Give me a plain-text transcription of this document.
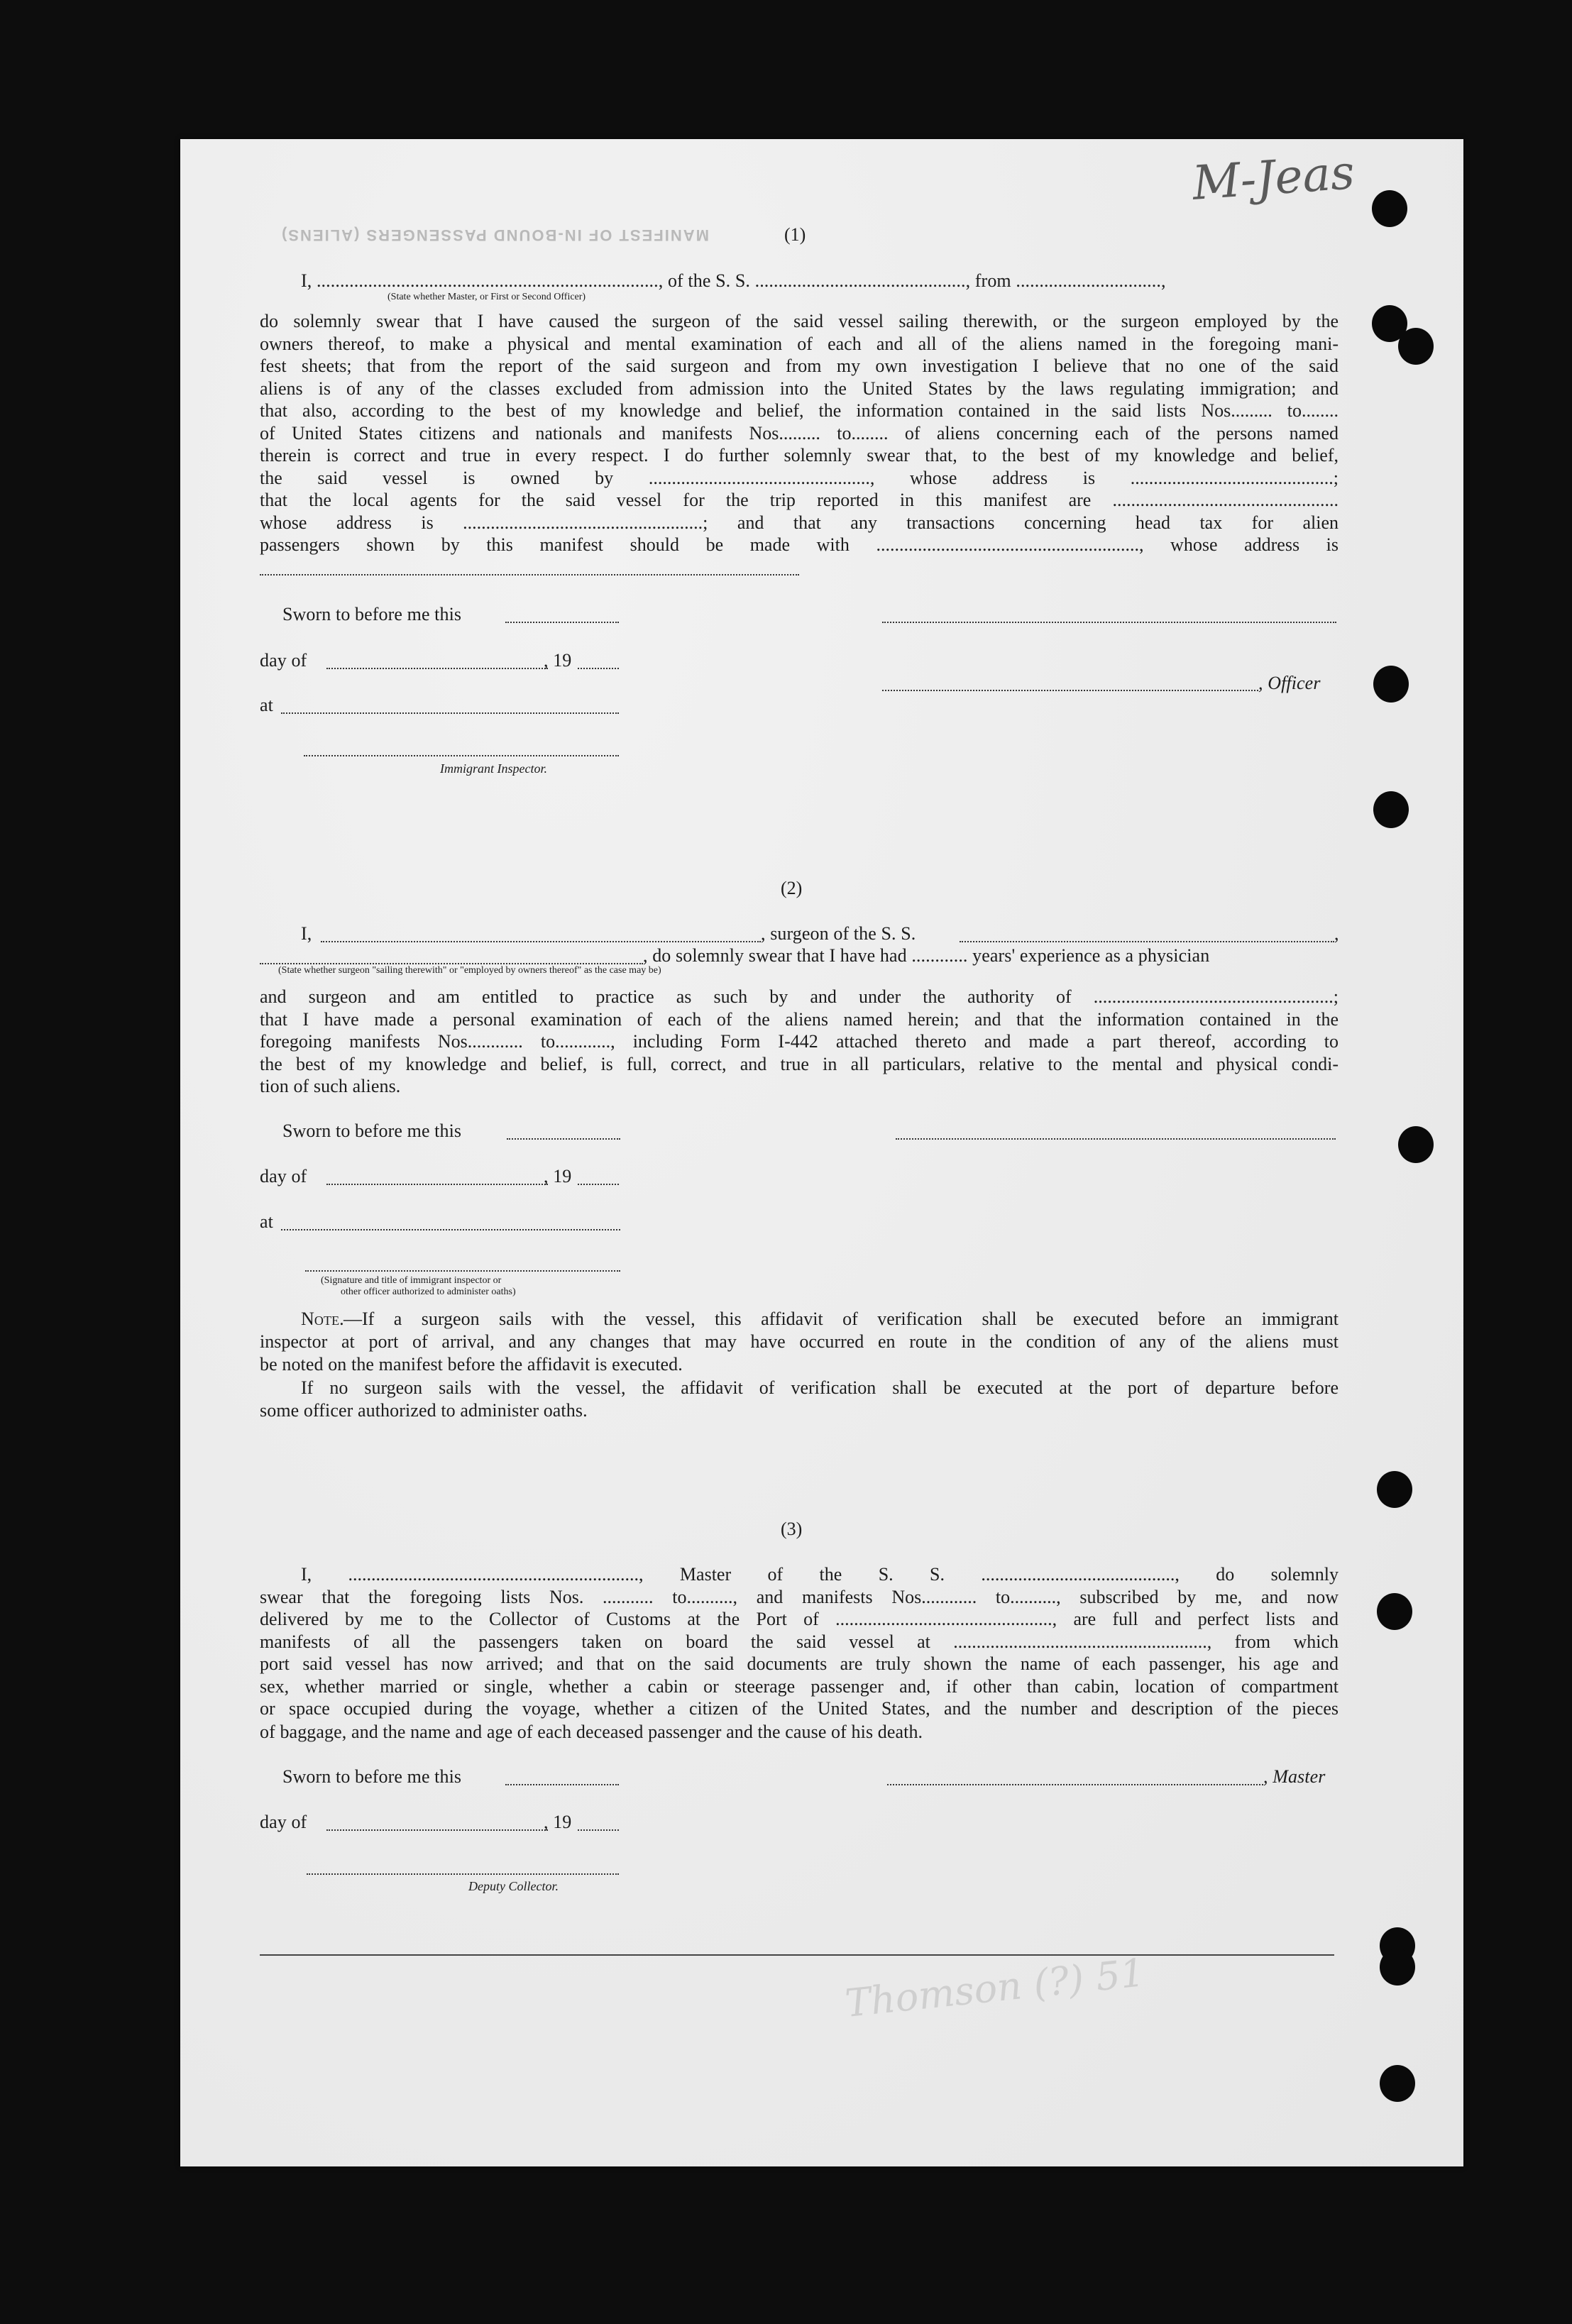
M-Jeas
Thomson (?) 51
MANIFEST OF IN-BOUND PASSENGERS (ALIENS)	(1)
I, ........................................................................., of the S. S. ............................................., from ...............................,
(State whether Master, or First or Second Officer)
do solemnly swear that I have caused the surgeon of the said vessel sailing therewith, or the surgeon employed by the
owners thereof, to make a physical and mental examination of each and all of the aliens named in the foregoing mani-
fest sheets; that from the report of the said surgeon and from my own investigation I believe that no one of the said
aliens is of any of the classes excluded from admission into the United States by the laws regulating immigration; and
that also, according to the best of my knowledge and belief, the information contained in the said lists Nos......... to........
of United States citizens and nationals and manifests Nos......... to........ of aliens concerning each of the persons named
therein is correct and true in every respect. I do further solemnly swear that, to the best of my knowledge and belief,
the said vessel is owned by ................................................, whose address is ............................................;
that the local agents for the said vessel for the trip reported in this manifest are .................................................
whose address is ....................................................; and that any transactions concerning head tax for alien
passengers shown by this manifest should be made with ........................................................., whose address is
Sworn to before me this
day of	, 19
, Officer
at
Immigrant Inspector.
(2)
I,	, surgeon of the S. S.	,
, do solemnly swear that I have had ............ years' experience as a physician
(State whether surgeon "sailing therewith" or "employed by owners thereof" as the case may be)
and surgeon and am entitled to practice as such by and under the authority of ....................................................;
that I have made a personal examination of each of the aliens named herein; and that the information contained in the
foregoing manifests Nos............ to............, including Form I-442 attached thereto and made a part thereof, according to
the best of my knowledge and belief, is full, correct, and true in all particulars, relative to the mental and physical condi-
tion of such aliens.
Sworn to before me this
day of	, 19
at
(Signature and title of immigrant inspector or
other officer authorized to administer oaths)
Note. —If a surgeon sails with the vessel, this affidavit of verification shall be executed before an immigrant
inspector at port of arrival, and any changes that may have occurred en route in the condition of any of the aliens must
be noted on the manifest before the affidavit is executed.
If no surgeon sails with the vessel, the affidavit of verification shall be executed at the port of departure before
some officer authorized to administer oaths.
(3)
I, ..............................................................., Master of the S. S. .........................................., do solemnly
swear that the foregoing lists Nos. ........... to.........., and manifests Nos............ to.........., subscribed by me, and now
delivered by me to the Collector of Customs at the Port of ..............................................., are full and perfect lists and
manifests of all the passengers taken on board the said vessel at ......................................................., from which
port said vessel has now arrived; and that on the said documents are truly shown the name of each passenger, his age and
sex, whether married or single, whether a cabin or steerage passenger and, if other than cabin, location of compartment
or space occupied during the voyage, whether a citizen of the United States, and the number and description of the pieces
of baggage, and the name and age of each deceased passenger and the cause of his death.
Sworn to before me this	, Master
day of	, 19
Deputy Collector.
